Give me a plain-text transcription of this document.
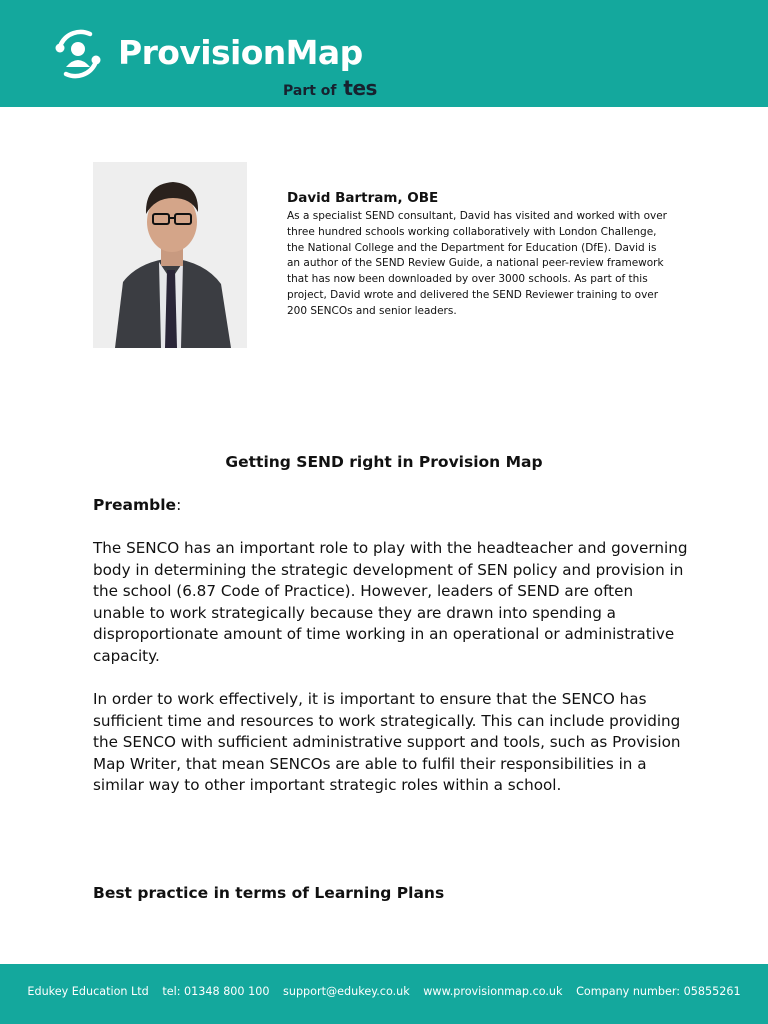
ProvisionMap
Part of tes
David Bartram, OBE

As a specialist SEND consultant, David has visited and worked with over three hundred schools working collaboratively with London Challenge, the National College and the Department for Education (DfE). David is an author of the SEND Review Guide, a national peer-review framework that has now been downloaded by over 3000 schools. As part of this project, David wrote and delivered the SEND Reviewer training to over 200 SENCOs and senior leaders.

Getting SEND right in Provision Map
Preamble:

The SENCO has an important role to play with the headteacher and governing body in determining the strategic development of SEN policy and provision in the school (6.87 Code of Practice). However, leaders of SEND are often unable to work strategically because they are drawn into spending a disproportionate amount of time working in an operational or administrative capacity.

In order to work effectively, it is important to ensure that the SENCO has sufficient time and resources to work strategically. This can include providing the SENCO with sufficient administrative support and tools, such as Provision Map Writer, that mean SENCOs are able to fulfil their responsibilities in a similar way to other important strategic roles within a school.

Best practice in terms of Learning Plans
Edukey Education Ltd tel: 01348 800 100 support@edukey.co.uk www.provisionmap.co.uk Company number: 05855261
